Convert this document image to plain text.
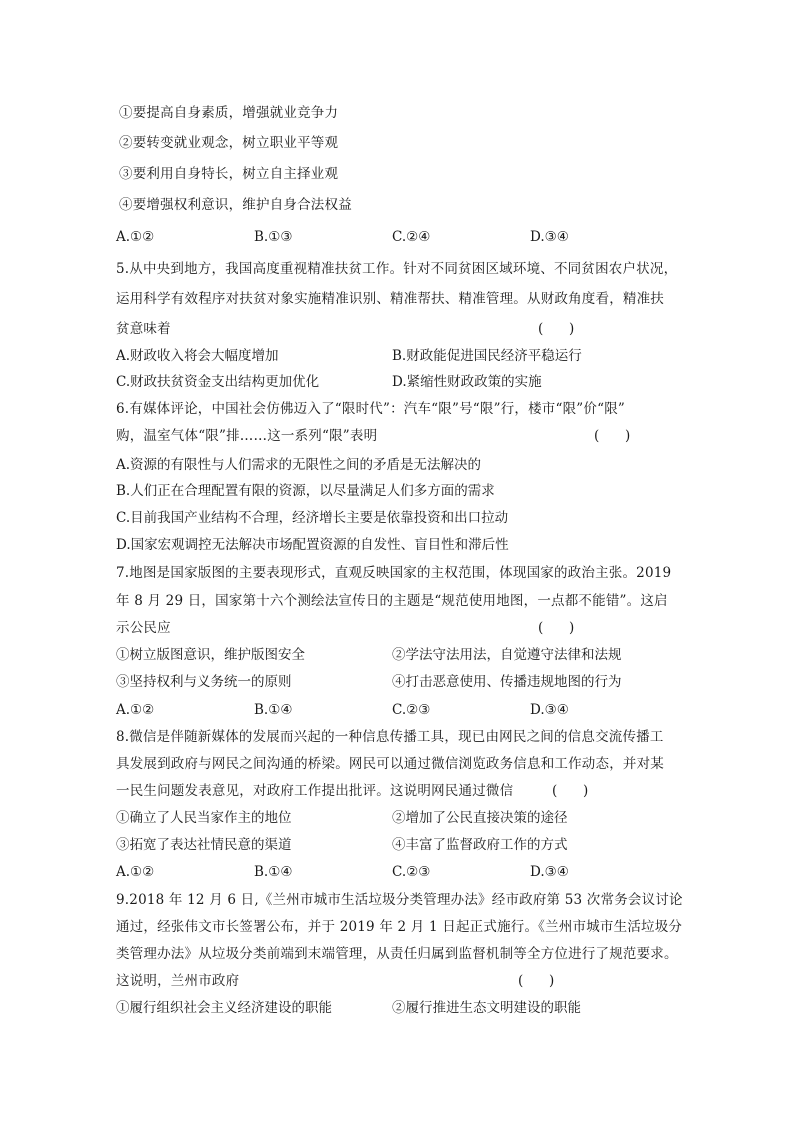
①要提高自身素质，增强就业竞争力
②要转变就业观念，树立职业平等观
③要利用自身特长，树立自主择业观
④要增强权利意识，维护自身合法权益
A.①②	B.①③	C.②④	D.③④
5.从中央到地方，我国高度重视精准扶贫工作。针对不同贫困区域环境、不同贫困农户状况，
运用科学有效程序对扶贫对象实施精准识别、精准帮扶、精准管理。从财政角度看，精准扶
贫意味着	(      )
A.财政收入将会大幅度增加	B.财政能促进国民经济平稳运行
C.财政扶贫资金支出结构更加优化	D.紧缩性财政政策的实施
6.有媒体评论，中国社会仿佛迈入了“限时代”：汽车“限”号“限”行，楼市“限”价“限”
购，温室气体“限”排……这一系列“限”表明	(      )
A.资源的有限性与人们需求的无限性之间的矛盾是无法解决的
B.人们正在合理配置有限的资源，以尽量满足人们多方面的需求
C.目前我国产业结构不合理，经济增长主要是依靠投资和出口拉动
D.国家宏观调控无法解决市场配置资源的自发性、盲目性和滞后性
7.地图是国家版图的主要表现形式，直观反映国家的主权范围，体现国家的政治主张。2019
年 8 月 29 日，国家第十六个测绘法宣传日的主题是“规范使用地图，一点都不能错”。这启
示公民应	(      )
①树立版图意识，维护版图安全	②学法守法用法，自觉遵守法律和法规
③坚持权利与义务统一的原则	④打击恶意使用、传播违规地图的行为
A.①②	B.①④	C.②③	D.③④
8.微信是伴随新媒体的发展而兴起的一种信息传播工具，现已由网民之间的信息交流传播工
具发展到政府与网民之间沟通的桥梁。网民可以通过微信浏览政务信息和工作动态，并对某
一民生问题发表意见，对政府工作提出批评。这说明网民通过微信	(      )
①确立了人民当家作主的地位	②增加了公民直接决策的途径
③拓宽了表达社情民意的渠道	④丰富了监督政府工作的方式
A.①②	B.①④	C.②③	D.③④
9.2018 年 12 月 6 日,《兰州市城市生活垃圾分类管理办法》经市政府第 53 次常务会议讨论
通过，经张伟文市长签署公布，并于 2019 年 2 月 1 日起正式施行。《兰州市城市生活垃圾分
类管理办法》从垃圾分类前端到末端管理，从责任归属到监督机制等全方位进行了规范要求。
这说明，兰州市政府	(      )
①履行组织社会主义经济建设的职能	②履行推进生态文明建设的职能
